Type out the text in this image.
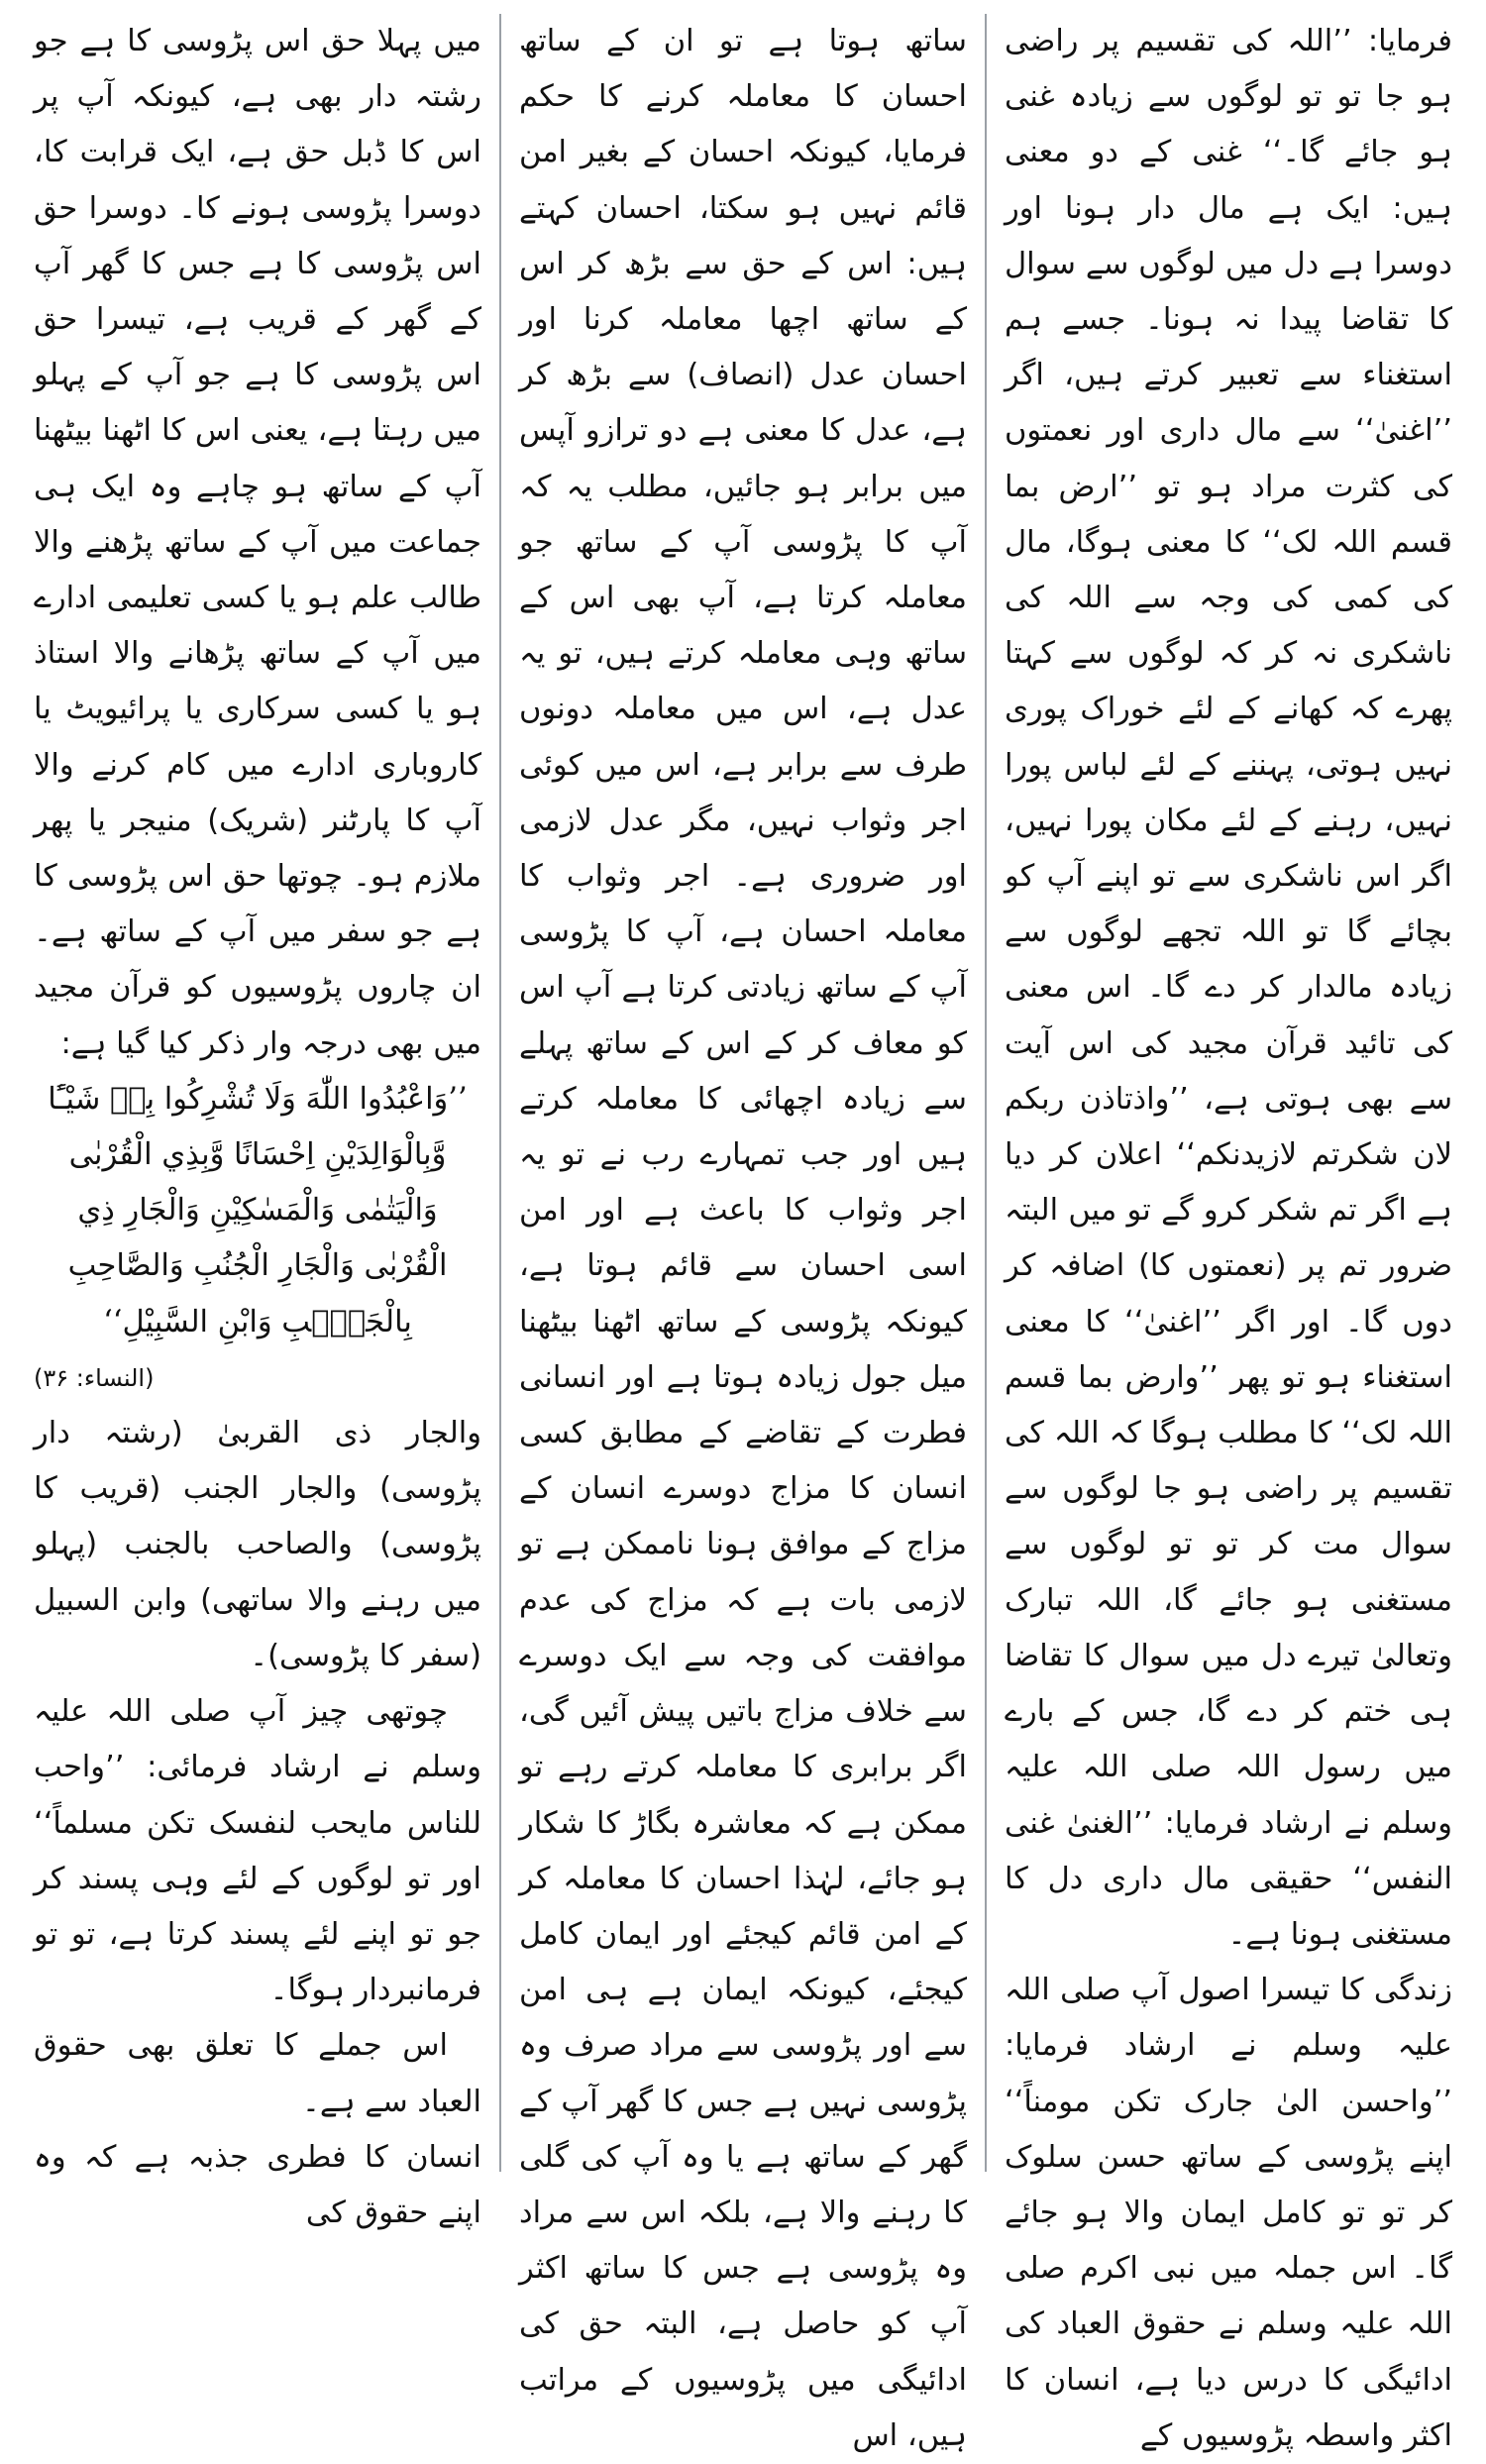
فرمایا: ’’اللہ کی تقسیم پر راضی ہو جا تو تو لوگوں سے زیادہ غنی ہو جائے گا۔‘‘ غنی کے دو معنی ہیں: ایک ہے مال دار ہونا اور دوسرا ہے دل میں لوگوں سے سوال کا تقاضا پیدا نہ ہونا۔ جسے ہم استغناء سے تعبیر کرتے ہیں، اگر ’’اغنیٰ‘‘ سے مال داری اور نعمتوں کی کثرت مراد ہو تو ’’ارض بما قسم اللہ لک‘‘ کا معنی ہوگا، مال کی کمی کی وجہ سے اللہ کی ناشکری نہ کر کہ لوگوں سے کہتا پھرے کہ کھانے کے لئے خوراک پوری نہیں ہوتی، پہننے کے لئے لباس پورا نہیں، رہنے کے لئے مکان پورا نہیں، اگر اس ناشکری سے تو اپنے آپ کو بچائے گا تو اللہ تجھے لوگوں سے زیادہ مالدار کر دے گا۔ اس معنی کی تائید قرآن مجید کی اس آیت سے بھی ہوتی ہے، ’’واذتاذن ربکم لان شکرتم لازیدنکم‘‘ اعلان کر دیا ہے اگر تم شکر کرو گے تو میں البتہ ضرور تم پر (نعمتوں کا) اضافہ کر دوں گا۔ اور اگر ’’اغنیٰ‘‘ کا معنی استغناء ہو تو پھر ’’وارض بما قسم اللہ لک‘‘ کا مطلب ہوگا کہ اللہ کی تقسیم پر راضی ہو جا لوگوں سے سوال مت کر تو تو لوگوں سے مستغنی ہو جائے گا، اللہ تبارک وتعالیٰ تیرے دل میں سوال کا تقاضا ہی ختم کر دے گا، جس کے بارے میں رسول اللہ صلی اللہ علیہ وسلم نے ارشاد فرمایا: ’’الغنیٰ غنی النفس‘‘ حقیقی مال داری دل کا مستغنی ہونا ہے۔

زندگی کا تیسرا اصول آپ صلی اللہ علیہ وسلم نے ارشاد فرمایا: ’’واحسن الیٰ جارک تکن مومناً‘‘ اپنے پڑوسی کے ساتھ حسن سلوک کر تو تو کامل ایمان والا ہو جائے گا۔ اس جملہ میں نبی اکرم صلی اللہ علیہ وسلم نے حقوق العباد کی ادائیگی کا درس دیا ہے، انسان کا اکثر واسطہ پڑوسیوں کے

ساتھ ہوتا ہے تو ان کے ساتھ احسان کا معاملہ کرنے کا حکم فرمایا، کیونکہ احسان کے بغیر امن قائم نہیں ہو سکتا، احسان کہتے ہیں: اس کے حق سے بڑھ کر اس کے ساتھ اچھا معاملہ کرنا اور احسان عدل (انصاف) سے بڑھ کر ہے، عدل کا معنی ہے دو ترازو آپس میں برابر ہو جائیں، مطلب یہ کہ آپ کا پڑوسی آپ کے ساتھ جو معاملہ کرتا ہے، آپ بھی اس کے ساتھ وہی معاملہ کرتے ہیں، تو یہ عدل ہے، اس میں معاملہ دونوں طرف سے برابر ہے، اس میں کوئی اجر وثواب نہیں، مگر عدل لازمی اور ضروری ہے۔ اجر وثواب کا معاملہ احسان ہے، آپ کا پڑوسی آپ کے ساتھ زیادتی کرتا ہے آپ اس کو معاف کر کے اس کے ساتھ پہلے سے زیادہ اچھائی کا معاملہ کرتے ہیں اور جب تمہارے رب نے تو یہ اجر وثواب کا باعث ہے اور امن اسی احسان سے قائم ہوتا ہے، کیونکہ پڑوسی کے ساتھ اٹھنا بیٹھنا میل جول زیادہ ہوتا ہے اور انسانی فطرت کے تقاضے کے مطابق کسی انسان کا مزاج دوسرے انسان کے مزاج کے موافق ہونا ناممکن ہے تو لازمی بات ہے کہ مزاج کی عدم موافقت کی وجہ سے ایک دوسرے سے خلاف مزاج باتیں پیش آئیں گی، اگر برابری کا معاملہ کرتے رہے تو ممکن ہے کہ معاشرہ بگاڑ کا شکار ہو جائے، لہٰذا احسان کا معاملہ کر کے امن قائم کیجئے اور ایمان کامل کیجئے، کیونکہ ایمان ہے ہی امن سے اور پڑوسی سے مراد صرف وہ پڑوسی نہیں ہے جس کا گھر آپ کے گھر کے ساتھ ہے یا وہ آپ کی گلی کا رہنے والا ہے، بلکہ اس سے مراد وہ پڑوسی ہے جس کا ساتھ اکثر آپ کو حاصل ہے، البتہ حق کی ادائیگی میں پڑوسیوں کے مراتب ہیں، اس

میں پہلا حق اس پڑوسی کا ہے جو رشتہ دار بھی ہے، کیونکہ آپ پر اس کا ڈبل حق ہے، ایک قرابت کا، دوسرا پڑوسی ہونے کا۔ دوسرا حق اس پڑوسی کا ہے جس کا گھر آپ کے گھر کے قریب ہے، تیسرا حق اس پڑوسی کا ہے جو آپ کے پہلو میں رہتا ہے، یعنی اس کا اٹھنا بیٹھنا آپ کے ساتھ ہو چاہے وہ ایک ہی جماعت میں آپ کے ساتھ پڑھنے والا طالب علم ہو یا کسی تعلیمی ادارے میں آپ کے ساتھ پڑھانے والا استاذ ہو یا کسی سرکاری یا پرائیویٹ یا کاروباری ادارے میں کام کرنے والا آپ کا پارٹنر (شریک) منیجر یا پھر ملازم ہو۔ چوتھا حق اس پڑوسی کا ہے جو سفر میں آپ کے ساتھ ہے۔ ان چاروں پڑوسیوں کو قرآن مجید میں بھی درجہ وار ذکر کیا گیا ہے:

’’وَاعْبُدُوا اللّٰهَ وَلَا تُشْرِكُوا بِهٖ شَيْـًٔا وَّبِالْوَالِدَيْنِ اِحْسَانًا وَّبِذِي الْقُرْبٰى وَالْيَتٰمٰى وَالْمَسٰكِيْنِ وَالْجَارِ ذِي الْقُرْبٰى وَالْجَارِ الْجُنُبِ وَالصَّاحِبِ بِالْجَنْۢبِ وَابْنِ السَّبِيْلِ‘‘

(النساء: ۳۶)

والجار ذی القربیٰ (رشتہ دار پڑوسی) والجار الجنب (قریب کا پڑوسی) والصاحب بالجنب (پہلو میں رہنے والا ساتھی) وابن السبیل (سفر کا پڑوسی)۔

چوتھی چیز آپ صلی اللہ علیہ وسلم نے ارشاد فرمائی: ’’واحب للناس مایحب لنفسک تکن مسلماً‘‘ اور تو لوگوں کے لئے وہی پسند کر جو تو اپنے لئے پسند کرتا ہے، تو تو فرمانبردار ہوگا۔

اس جملے کا تعلق بھی حقوق العباد سے ہے۔

انسان کا فطری جذبہ ہے کہ وہ اپنے حقوق کی
